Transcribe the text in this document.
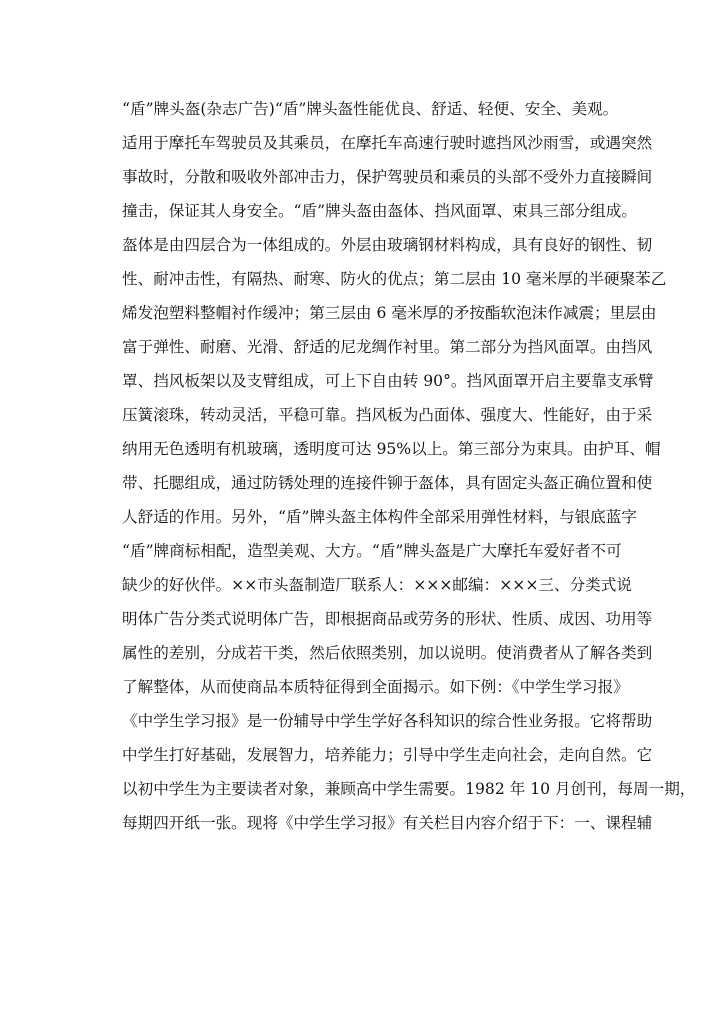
“盾”牌头盔(杂志广告)“盾”牌头盔性能优良、舒适、轻便、安全、美观。
适用于摩托车驾驶员及其乘员，在摩托车高速行驶时遮挡风沙雨雪，或遇突然
事故时，分散和吸收外部冲击力，保护驾驶员和乘员的头部不受外力直接瞬间
撞击，保证其人身安全。“盾”牌头盔由盔体、挡风面罩、束具三部分组成。
盔体是由四层合为一体组成的。外层由玻璃钢材料构成，具有良好的钢性、韧
性、耐冲击性，有隔热、耐寒、防火的优点；第二层由 10 毫米厚的半硬聚苯乙
烯发泡塑料整帽衬作缓冲；第三层由 6 毫米厚的矛按酯软泡沫作减震；里层由
富于弹性、耐磨、光滑、舒适的尼龙绸作衬里。第二部分为挡风面罩。由挡风
罩、挡风板架以及支臂组成，可上下自由转 90°。挡风面罩开启主要靠支承臂
压簧滚珠，转动灵活，平稳可靠。挡风板为凸面体、强度大、性能好，由于采
纳用无色透明有机玻璃，透明度可达 95%以上。第三部分为束具。由护耳、帽
带、托腮组成，通过防锈处理的连接件铆于盔体，具有固定头盔正确位置和使
人舒适的作用。另外，“盾”牌头盔主体构件全部采用弹性材料，与银底蓝字
“盾”牌商标相配，造型美观、大方。“盾”牌头盔是广大摩托车爱好者不可
缺少的好伙伴。××市头盔制造厂联系人：×××邮编：×××三、分类式说
明体广告分类式说明体广告，即根据商品或劳务的形状、性质、成因、功用等
属性的差别，分成若干类，然后依照类别，加以说明。使消费者从了解各类到
了解整体，从而使商品本质特征得到全面揭示。如下例：《中学生学习报》
《中学生学习报》是一份辅导中学生学好各科知识的综合性业务报。它将帮助
中学生打好基础，发展智力，培养能力；引导中学生走向社会，走向自然。它
以初中学生为主要读者对象，兼顾高中学生需要。1982 年 10 月创刊，每周一期，
每期四开纸一张。现将《中学生学习报》有关栏目内容介绍于下：一、课程辅
